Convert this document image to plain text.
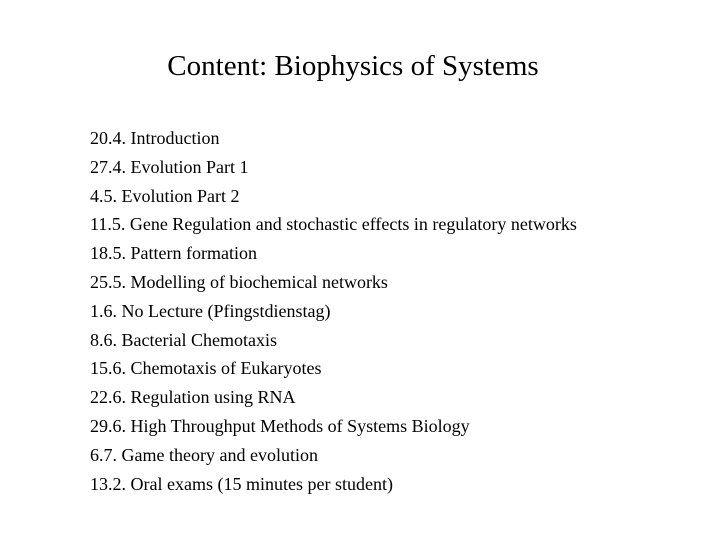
Content: Biophysics of Systems
20.4. Introduction
27.4. Evolution Part 1
4.5. Evolution Part 2
11.5. Gene Regulation and stochastic effects in regulatory networks
18.5. Pattern formation
25.5. Modelling of biochemical networks
1.6. No Lecture (Pfingstdienstag)
8.6. Bacterial Chemotaxis
15.6. Chemotaxis of Eukaryotes
22.6. Regulation using RNA
29.6. High Throughput Methods of Systems Biology
6.7. Game theory and evolution
13.2. Oral exams (15 minutes per student)
